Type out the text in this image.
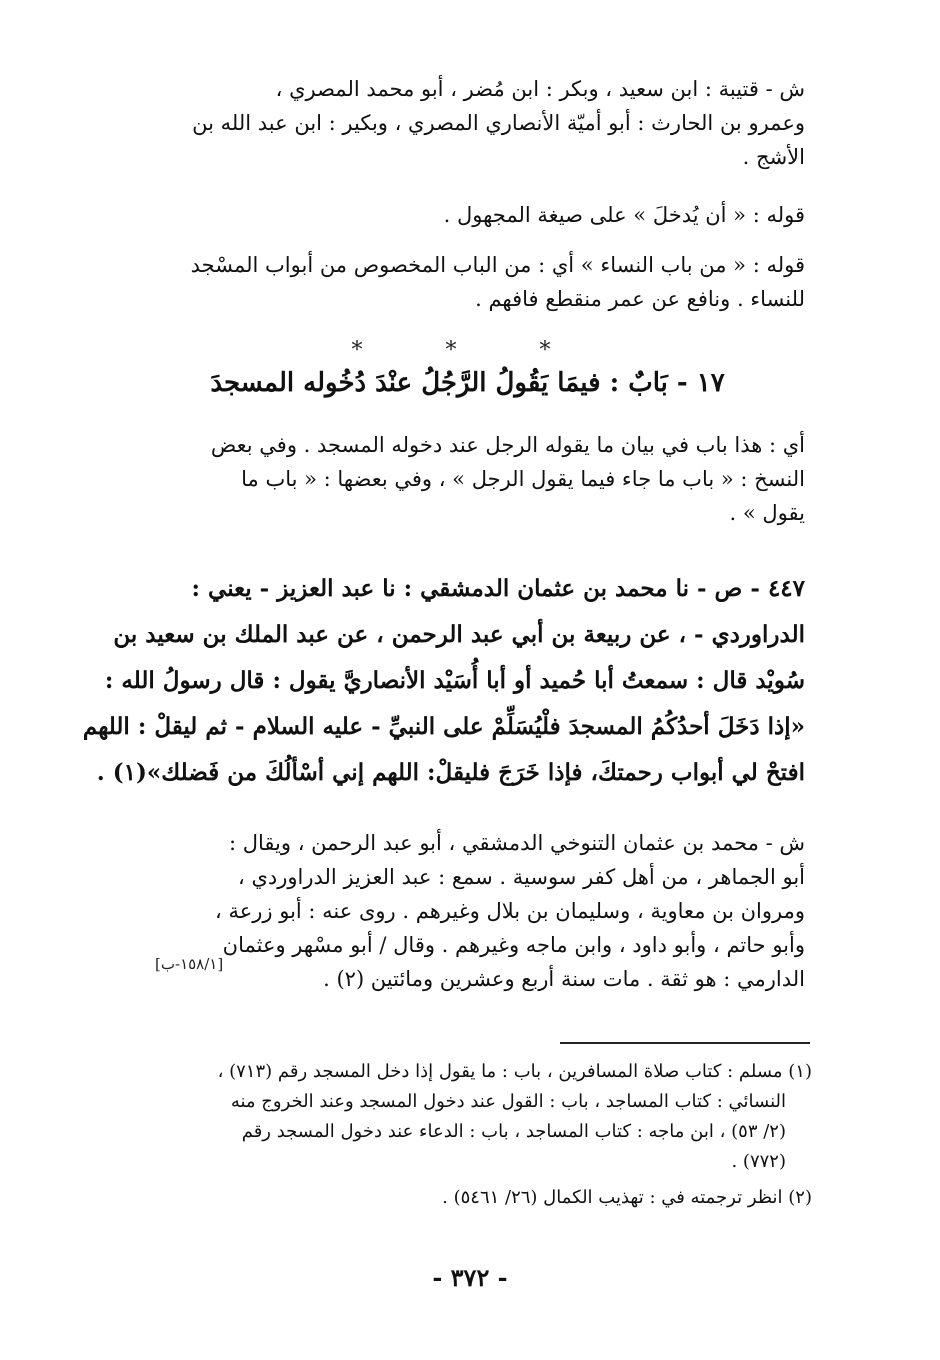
ش - قتيبة : ابن سعيد ، وبكر : ابن مُضر ، أبو محمد المصري ،
وعمرو بن الحارث : أبو أميّة الأنصاري المصري ، وبكير : ابن عبد الله بن
الأشج .
قوله : « أن يُدخلَ » على صيغة المجهول .
قوله : « من باب النساء » أي : من الباب المخصوص من أبواب المسْجد
للنساء . ونافع عن عمر منقطع فافهم .
* * *
١٧ - بَابٌ : فيمَا يَقُولُ الرَّجُلُ عنْدَ دُخُوله المسجدَ
أي : هذا باب في بيان ما يقوله الرجل عند دخوله المسجد . وفي بعض
النسخ : « باب ما جاء فيما يقول الرجل » ، وفي بعضها : « باب ما
يقول » .
٤٤٧ - ص - نا محمد بن عثمان الدمشقي : نا عبد العزيز - يعني :
الدراوردي - ، عن ربيعة بن أبي عبد الرحمن ، عن عبد الملك بن سعيد بن
سُويْد قال : سمعتُ أبا حُميد أو أبا أُسَيْد الأنصاريَّ يقول : قال رسولُ الله :
«إذا دَخَلَ أحدُكُمُ المسجدَ فلْيُسَلِّمْ على النبيِّ - عليه السلام - ثم ليقلْ : اللهم
افتحْ لي أبواب رحمتكَ، فإذا خَرَجَ فليقلْ: اللهم إني أسْألُكَ من فَضلك»(١) .
ش - محمد بن عثمان التنوخي الدمشقي ، أبو عبد الرحمن ، ويقال :
أبو الجماهر ، من أهل كفر سوسية . سمع : عبد العزيز الدراوردي ،
ومروان بن معاوية ، وسليمان بن بلال وغيرهم . روى عنه : أبو زرعة ،
وأبو حاتم ، وأبو داود ، وابن ماجه وغيرهم . وقال / أبو مسْهر وعثمان
الدارمي : هو ثقة . مات سنة أربع وعشرين ومائتين (٢) .
[١٥٨/١-ب]
(١) مسلم : كتاب صلاة المسافرين ، باب : ما يقول إذا دخل المسجد رقم (٧١٣) ،
النسائي : كتاب المساجد ، باب : القول عند دخول المسجد وعند الخروج منه
(٢/ ٥٣) ، ابن ماجه : كتاب المساجد ، باب : الدعاء عند دخول المسجد رقم
(٧٧٢) .
(٢) انظر ترجمته في : تهذيب الكمال (٢٦/ ٥٤٦١) .
- ٣٧٢ -
